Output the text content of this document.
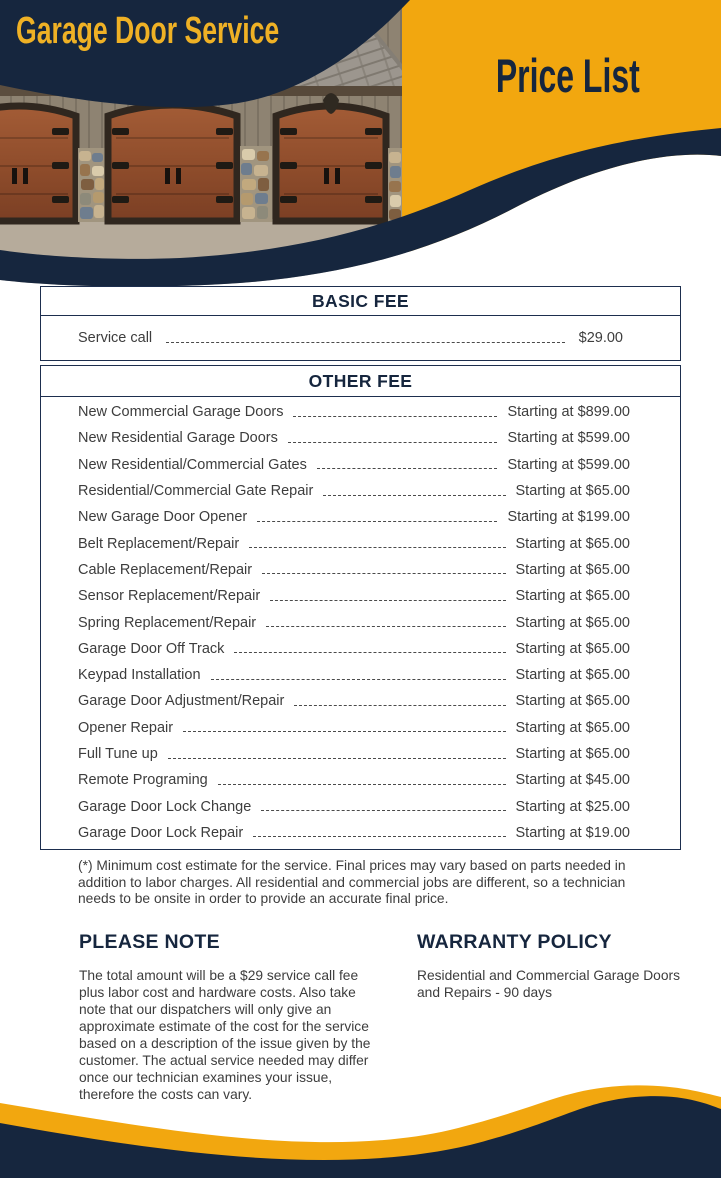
Garage Door Service
Price List
BASIC FEE
Service call	$29.00
OTHER FEE
New Commercial Garage Doors	Starting at $899.00
New Residential Garage Doors	Starting at $599.00
New Residential/Commercial Gates	Starting at $599.00
Residential/Commercial Gate Repair	Starting at $65.00
New Garage Door Opener	Starting at $199.00
Belt Replacement/Repair	Starting at $65.00
Cable Replacement/Repair	Starting at $65.00
Sensor Replacement/Repair	Starting at $65.00
Spring Replacement/Repair	Starting at $65.00
Garage Door Off Track	Starting at $65.00
Keypad Installation	Starting at $65.00
Garage Door Adjustment/Repair	Starting at $65.00
Opener Repair	Starting at $65.00
Full Tune up	Starting at $65.00
Remote Programing	Starting at $45.00
Garage Door Lock Change	Starting at $25.00
Garage Door Lock Repair	Starting at $19.00
(*) Minimum cost estimate for the service. Final prices may vary based on parts needed in addition to labor charges. All residential and commercial jobs are different, so a technician needs to be onsite in order to provide an accurate final price.
PLEASE NOTE
The total amount will be a $29 service call fee plus labor cost and hardware costs. Also take note that our dispatchers will only give an approximate estimate of the cost for the service based on a description of the issue given by the customer. The actual service needed may differ once our technician examines your issue, therefore the costs can vary.
WARRANTY POLICY
Residential and Commercial Garage Doors and Repairs - 90 days
